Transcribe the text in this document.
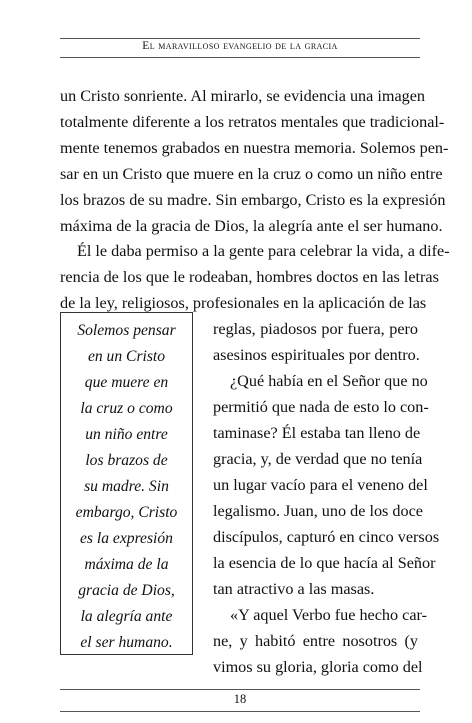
El maravilloso evangelio de la gracia
un Cristo sonriente. Al mirarlo, se evidencia una imagen
totalmente diferente a los retratos mentales que tradicional-
mente tenemos grabados en nuestra memoria. Solemos pen-
sar en un Cristo que muere en la cruz o como un niño entre
los brazos de su madre. Sin embargo, Cristo es la expresión
máxima de la gracia de Dios, la alegría ante el ser humano.
Él le daba permiso a la gente para celebrar la vida, a dife-
rencia de los que le rodeaban, hombres doctos en las letras
de la ley, religiosos, profesionales en la aplicación de las
reglas, piadosos por fuera, pero
asesinos espirituales por dentro.
¿Qué había en el Señor que no
permitió que nada de esto lo con-
taminase? Él estaba tan lleno de
gracia, y, de verdad que no tenía
un lugar vacío para el veneno del
legalismo. Juan, uno de los doce
discípulos, capturó en cinco versos
la esencia de lo que hacía al Señor
tan atractivo a las masas.
«Y aquel Verbo fue hecho car-
ne, y habitó entre nosotros (y
vimos su gloria, gloria como del
Solemos pensar
en un Cristo
que muere en
la cruz o como
un niño entre
los brazos de
su madre. Sin
embargo, Cristo
es la expresión
máxima de la
gracia de Dios,
la alegría ante
el ser humano.
18
